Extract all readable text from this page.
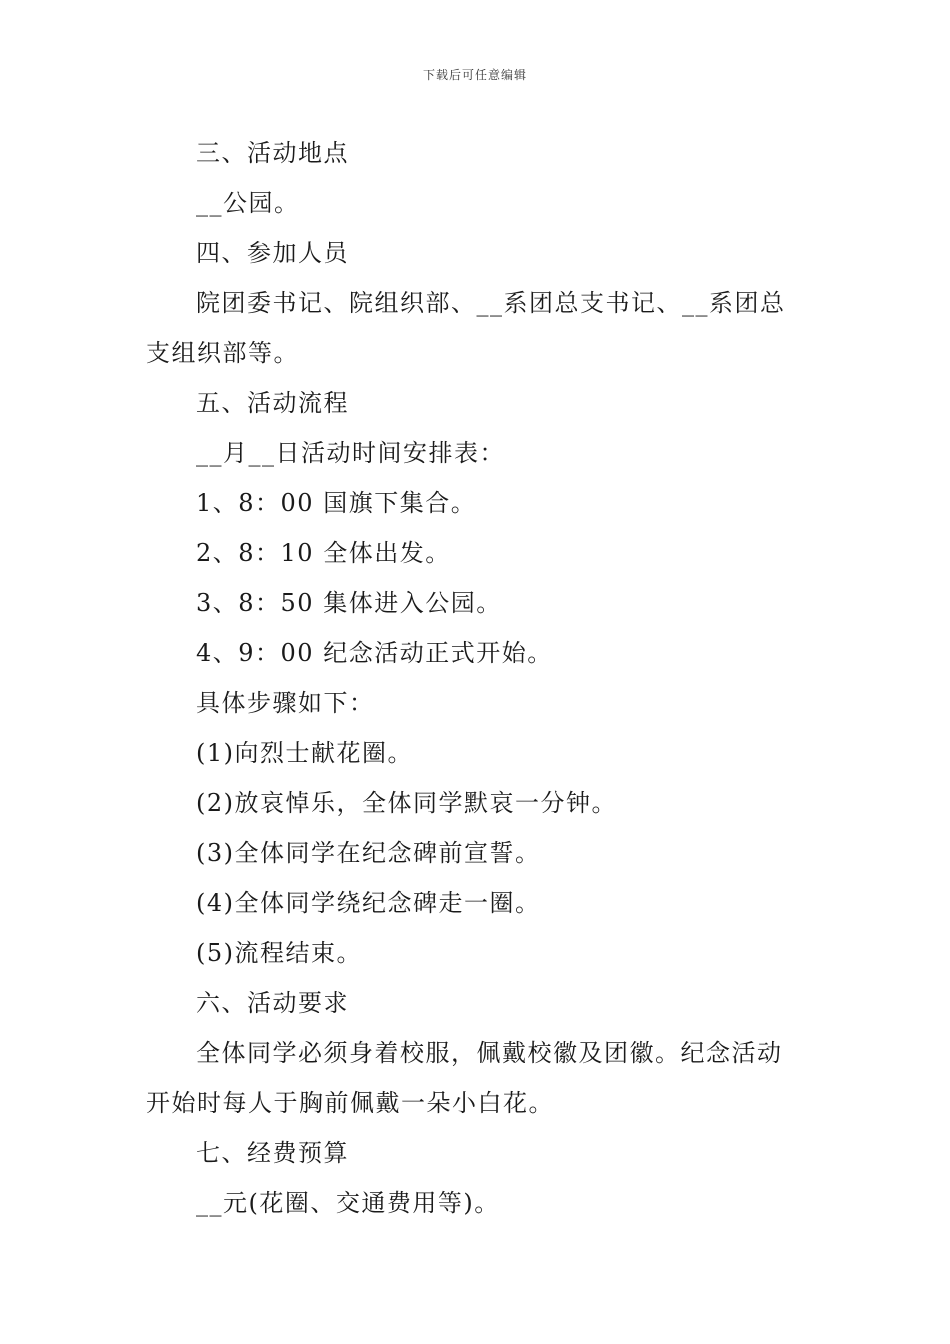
下载后可任意编辑
三、活动地点
__公园。
四、参加人员
院团委书记、院组织部、__系团总支书记、__系团总
支组织部等。
五、活动流程
__月__日活动时间安排表：
1、8：00 国旗下集合。
2、8：10 全体出发。
3、8：50 集体进入公园。
4、9：00 纪念活动正式开始。
具体步骤如下：
(1)向烈士献花圈。
(2)放哀悼乐，全体同学默哀一分钟。
(3)全体同学在纪念碑前宣誓。
(4)全体同学绕纪念碑走一圈。
(5)流程结束。
六、活动要求
全体同学必须身着校服，佩戴校徽及团徽。纪念活动
开始时每人于胸前佩戴一朵小白花。
七、经费预算
__元(花圈、交通费用等)。
